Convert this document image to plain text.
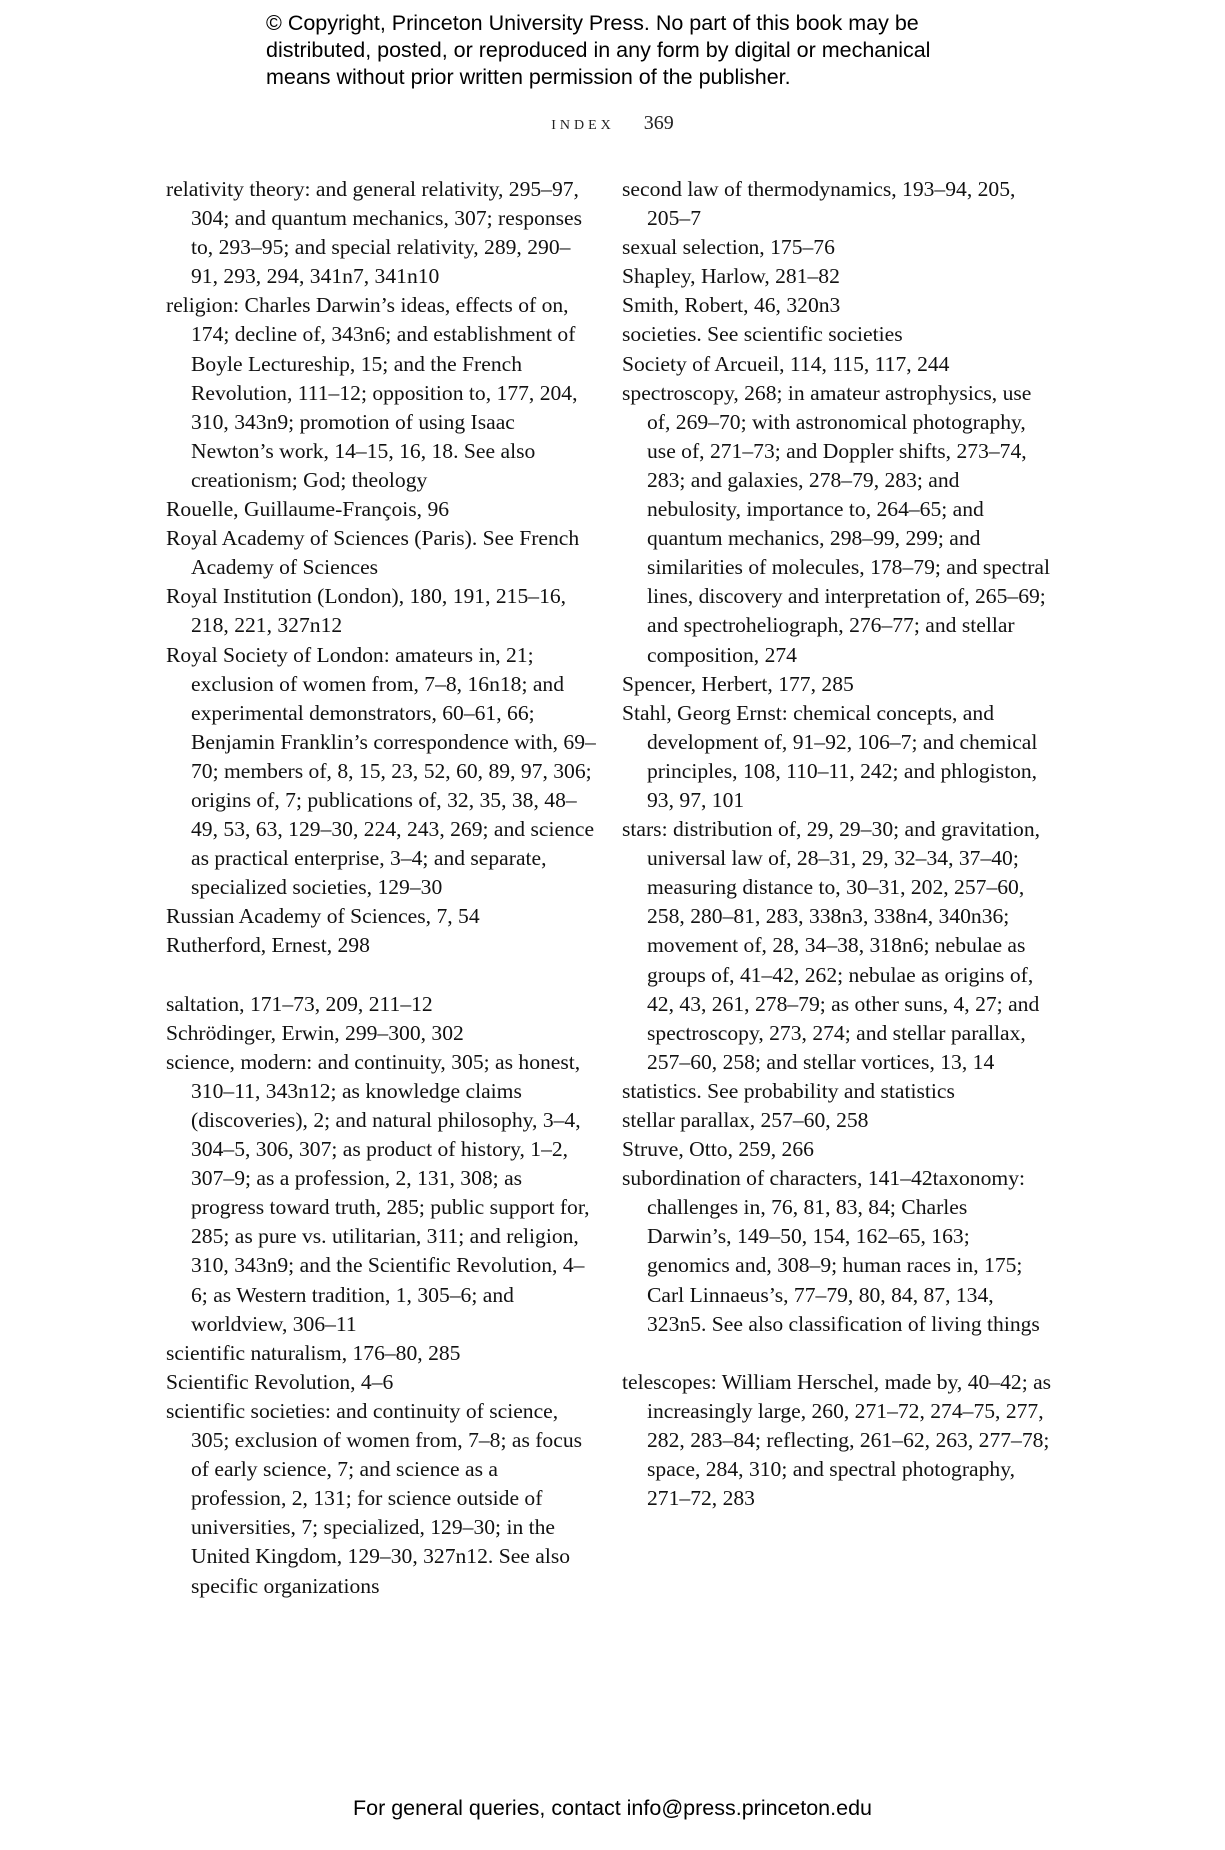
© Copyright, Princeton University Press. No part of this book may be

distributed, posted, or reproduced in any form by digital or mechanical

means without prior written permission of the publisher.

index 369

relativity theory: and general relativity, 295–97, 304; and quantum mechanics, 307; responses to, 293–95; and special relativity, 289, 290–91, 293, 294, 341n7, 341n10

religion: Charles Darwin’s ideas, effects of on, 174; decline of, 343n6; and establishment of Boyle Lectureship, 15; and the French Revolution, 111–12; opposition to, 177, 204, 310, 343n9; promotion of using Isaac Newton’s work, 14–15, 16, 18. See also creationism; God; theology

Rouelle, Guillaume-François, 96

Royal Academy of Sciences (Paris). See French Academy of Sciences

Royal Institution (London), 180, 191, 215–16, 218, 221, 327n12

Royal Society of London: amateurs in, 21; exclusion of women from, 7–8, 16n18; and experimental demonstrators, 60–61, 66; Benjamin Franklin’s correspondence with, 69–70; members of, 8, 15, 23, 52, 60, 89, 97, 306; origins of, 7; publications of, 32, 35, 38, 48–49, 53, 63, 129–30, 224, 243, 269; and science as practical enterprise, 3–4; and separate, specialized societies, 129–30

Russian Academy of Sciences, 7, 54

Rutherford, Ernest, 298

saltation, 171–73, 209, 211–12

Schrödinger, Erwin, 299–300, 302

science, modern: and continuity, 305; as honest, 310–11, 343n12; as knowledge claims (discoveries), 2; and natural philosophy, 3–4, 304–5, 306, 307; as product of history, 1–2, 307–9; as a profession, 2, 131, 308; as progress toward truth, 285; public support for, 285; as pure vs. utilitarian, 311; and religion, 310, 343n9; and the Scientific Revolution, 4–6; as Western tradition, 1, 305–6; and worldview, 306–11

scientific naturalism, 176–80, 285

Scientific Revolution, 4–6

scientific societies: and continuity of science, 305; exclusion of women from, 7–8; as focus of early science, 7; and science as a profession, 2, 131; for science outside of universities, 7; specialized, 129–30; in the United Kingdom, 129–30, 327n12. See also specific organizations

second law of thermodynamics, 193–94, 205, 205–7

sexual selection, 175–76

Shapley, Harlow, 281–82

Smith, Robert, 46, 320n3

societies. See scientific societies

Society of Arcueil, 114, 115, 117, 244

spectroscopy, 268; in amateur astrophysics, use of, 269–70; with astronomical photography, use of, 271–73; and Doppler shifts, 273–74, 283; and galaxies, 278–79, 283; and nebulosity, importance to, 264–65; and quantum mechanics, 298–99, 299; and similarities of molecules, 178–79; and spectral lines, discovery and interpretation of, 265–69; and spectroheliograph, 276–77; and stellar composition, 274

Spencer, Herbert, 177, 285

Stahl, Georg Ernst: chemical concepts, and development of, 91–92, 106–7; and chemical principles, 108, 110–11, 242; and phlogiston, 93, 97, 101

stars: distribution of, 29, 29–30; and gravitation, universal law of, 28–31, 29, 32–34, 37–40; measuring distance to, 30–31, 202, 257–60, 258, 280–81, 283, 338n3, 338n4, 340n36; movement of, 28, 34–38, 318n6; nebulae as groups of, 41–42, 262; nebulae as origins of, 42, 43, 261, 278–79; as other suns, 4, 27; and spectroscopy, 273, 274; and stellar parallax, 257–60, 258; and stellar vortices, 13, 14

statistics. See probability and statistics

stellar parallax, 257–60, 258

Struve, Otto, 259, 266

subordination of characters, 141–42taxonomy: challenges in, 76, 81, 83, 84; Charles Darwin’s, 149–50, 154, 162–65, 163; genomics and, 308–9; human races in, 175; Carl Linnaeus’s, 77–79, 80, 84, 87, 134, 323n5. See also classification of living things

telescopes: William Herschel, made by, 40–42; as increasingly large, 260, 271–72, 274–75, 277, 282, 283–84; reflecting, 261–62, 263, 277–78; space, 284, 310; and spectral photography, 271–72, 283

For general queries, contact info@press.princeton.edu
